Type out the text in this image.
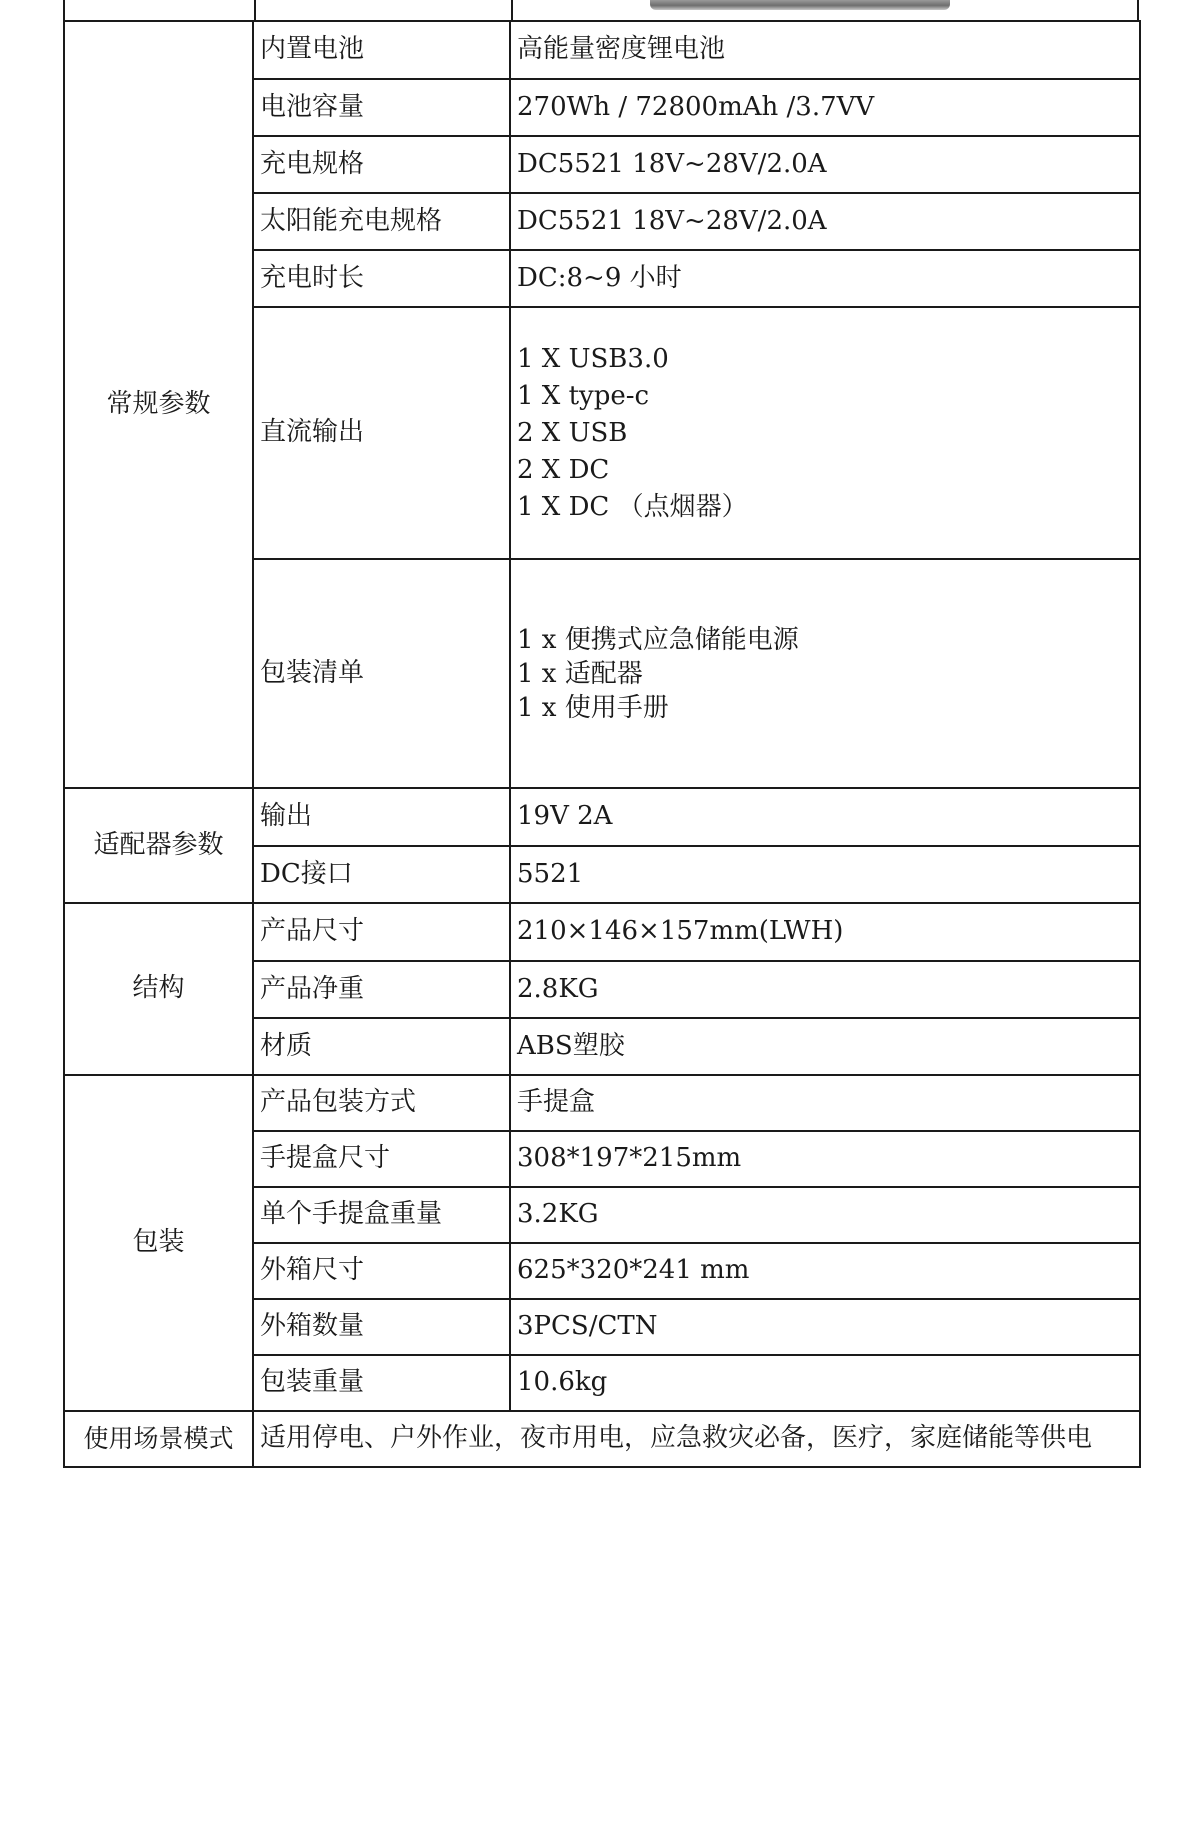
常规参数	内置电池	高能量密度锂电池
	电池容量	270Wh / 72800mAh /3.7VV
	充电规格	DC5521 18V~28V/2.0A
	太阳能充电规格	DC5521 18V~28V/2.0A
	充电时长	DC:8~9 小时
	直流输出	1 X USB3.0
1 X type-c
2 X USB
2 X DC
1 X DC （点烟器）

	包装清单	1 x 便携式应急储能电源
1 x 适配器
1 x 使用手册

适配器参数	输出	19V 2A
	DC接口	5521
结构	产品尺寸	210×146×157mm(LWH)
	产品净重	2.8KG
	材质	ABS塑胶
包装	产品包装方式	手提盒
	手提盒尺寸	308*197*215mm
	单个手提盒重量	3.2KG
	外箱尺寸	625*320*241 mm
	外箱数量	3PCS/CTN
	包装重量	10.6kg
使用场景模式	适用停电、户外作业，夜市用电，应急救灾必备，医疗，家庭储能等供电	
